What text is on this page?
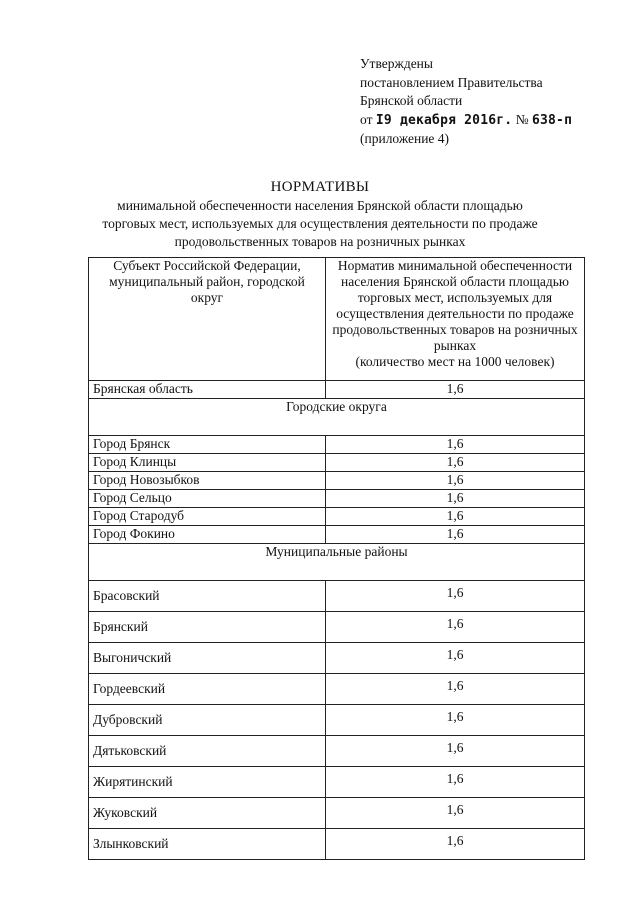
Утверждены
постановлением Правительства
Брянской области
от I9 декабря 2016г. № 638-п
(приложение 4)
НОРМАТИВЫ
минимальной обеспеченности населения Брянской области площадью
торговых мест, используемых для осуществления деятельности по продаже
продовольственных товаров на розничных рынках
Субъект Российской Федерации, муниципальный район, городской округ	Норматив минимальной обеспеченности населения Брянской области площадью торговых мест, используемых для осуществления деятельности по продаже продовольственных товаров на розничных рынках
(количество мест на 1000 человек)

Брянская область	1,6
Городские округа	
Город Брянск	1,6
Город Клинцы	1,6
Город Новозыбков	1,6
Город Сельцо	1,6
Город Стародуб	1,6
Город Фокино	1,6
Муниципальные районы	
Брасовский	1,6
Брянский	1,6
Выгоничский	1,6
Гордеевский	1,6
Дубровский	1,6
Дятьковский	1,6
Жирятинский	1,6
Жуковский	1,6
Злынковский	1,6
